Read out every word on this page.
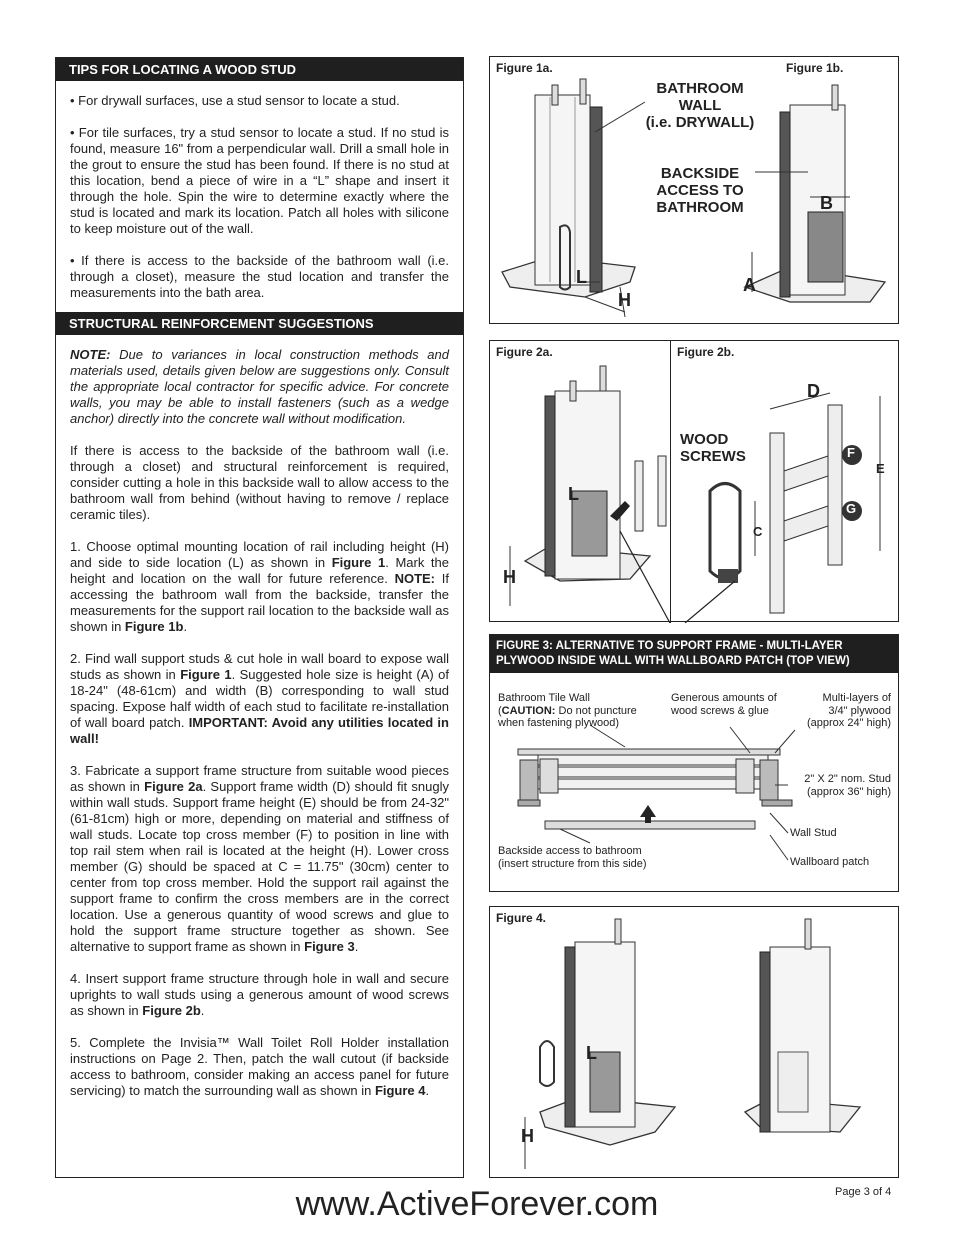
TIPS FOR LOCATING A WOOD STUD

• For drywall surfaces, use a stud sensor to locate a stud.

• For tile surfaces, try a stud sensor to locate a stud. If no stud is found, measure 16" from a perpendicular wall. Drill a small hole in the grout to ensure the stud has been found. If there is no stud at this location, bend a piece of wire in a “L” shape and insert it through the hole. Spin the wire to determine exactly where the stud is located and mark its location. Patch all holes with silicone to keep moisture out of the wall.

• If there is access to the backside of the bathroom wall (i.e. through a closet), measure the stud location and transfer the measurements into the bath area.

STRUCTURAL REINFORCEMENT SUGGESTIONS

NOTE: Due to variances in local construction methods and materials used, details given below are suggestions only. Consult the appropriate local contractor for specific advice. For concrete walls, you may be able to install fasteners (such as a wedge anchor) directly into the concrete wall without modification.

If there is access to the backside of the bathroom wall (i.e. through a closet) and structural reinforcement is required, consider cutting a hole in this backside wall to allow access to the bathroom wall from behind (without having to remove / replace ceramic tiles).

1. Choose optimal mounting location of rail including height (H) and side to side location (L) as shown in Figure 1. Mark the height and location on the wall for future reference. NOTE: If accessing the bathroom wall from the backside, transfer the measurements for the support rail location to the backside wall as shown in Figure 1b.

2. Find wall support studs & cut hole in wall board to expose wall studs as shown in Figure 1. Suggested hole size is height (A) of 18-24" (48-61cm) and width (B) corresponding to wall stud spacing. Expose half width of each stud to facilitate re-installation of wall board patch. IMPORTANT: Avoid any utilities located in wall!

3. Fabricate a support frame structure from suitable wood pieces as shown in Figure 2a. Support frame width (D) should fit snugly within wall studs. Support frame height (E) should be from 24-32" (61-81cm) high or more, depending on material and stiffness of wall studs. Locate top cross member (F) to position in line with top rail stem when rail is located at the height (H). Lower cross member (G) should be spaced at C = 11.75" (30cm) center to center from top cross member. Hold the support rail against the support frame to confirm the cross members are in the correct location. Use a generous quantity of wood screws and glue to hold the support frame structure together as shown. See alternative to support frame as shown in Figure 3.

4. Insert support frame structure through hole in wall and secure uprights to wall studs using a generous amount of wood screws as shown in Figure 2b.

5. Complete the Invisia™ Wall Toilet Roll Holder installation instructions on Page 2. Then, patch the wall cutout (if backside access to bathroom, consider making an access panel for future servicing) to match the surrounding wall as shown in Figure 4.

Figure 1a.	Figure 1b.
BATHROOM
WALL
(i.e. DRYWALL)
BACKSIDE
ACCESS TO
BATHROOM
L
H
A
B
Figure 2a.	Figure 2b.
WOOD
SCREWS
L
H
D
E
F
G
C
FIGURE 3: ALTERNATIVE TO SUPPORT FRAME - MULTI-LAYER PLYWOOD INSIDE WALL WITH WALLBOARD PATCH (TOP VIEW)
Bathroom Tile Wall
(CAUTION: Do not puncture
when fastening plywood)
Generous amounts of
wood screws & glue
Multi-layers of
3/4" plywood
(approx 24" high)
2" X 2" nom. Stud
(approx 36" high)
Wall Stud
Backside access to bathroom
(insert structure from this side)	Wallboard patch
Figure 4.
L
H
Page 3 of 4
www.ActiveForever.com
